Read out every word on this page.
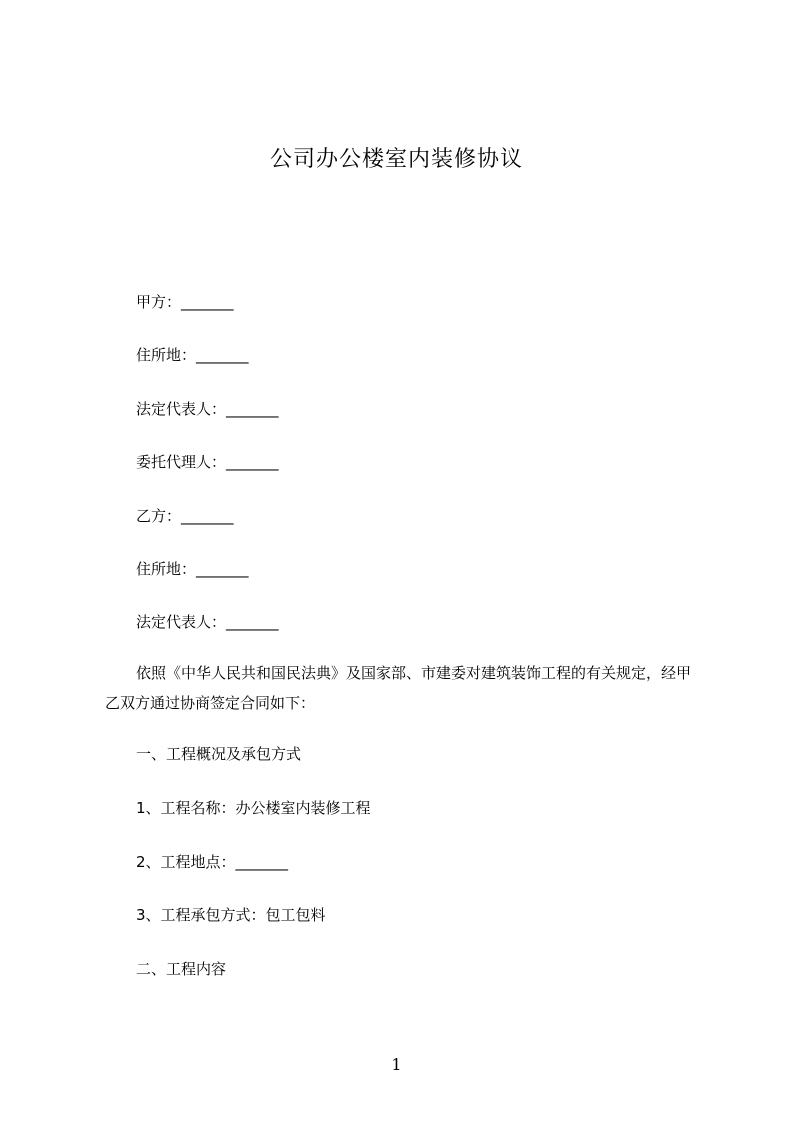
公司办公楼室内装修协议
甲方：_______
住所地：_______
法定代表人：_______
委托代理人：_______
乙方：_______
住所地：_______
法定代表人：_______
依照《中华人民共和国民法典》及国家部、市建委对建筑装饰工程的有关规定，经甲乙双方通过协商签定合同如下：
一、工程概况及承包方式
1、工程名称：办公楼室内装修工程
2、工程地点：_______
3、工程承包方式：包工包料
二、工程内容
1
